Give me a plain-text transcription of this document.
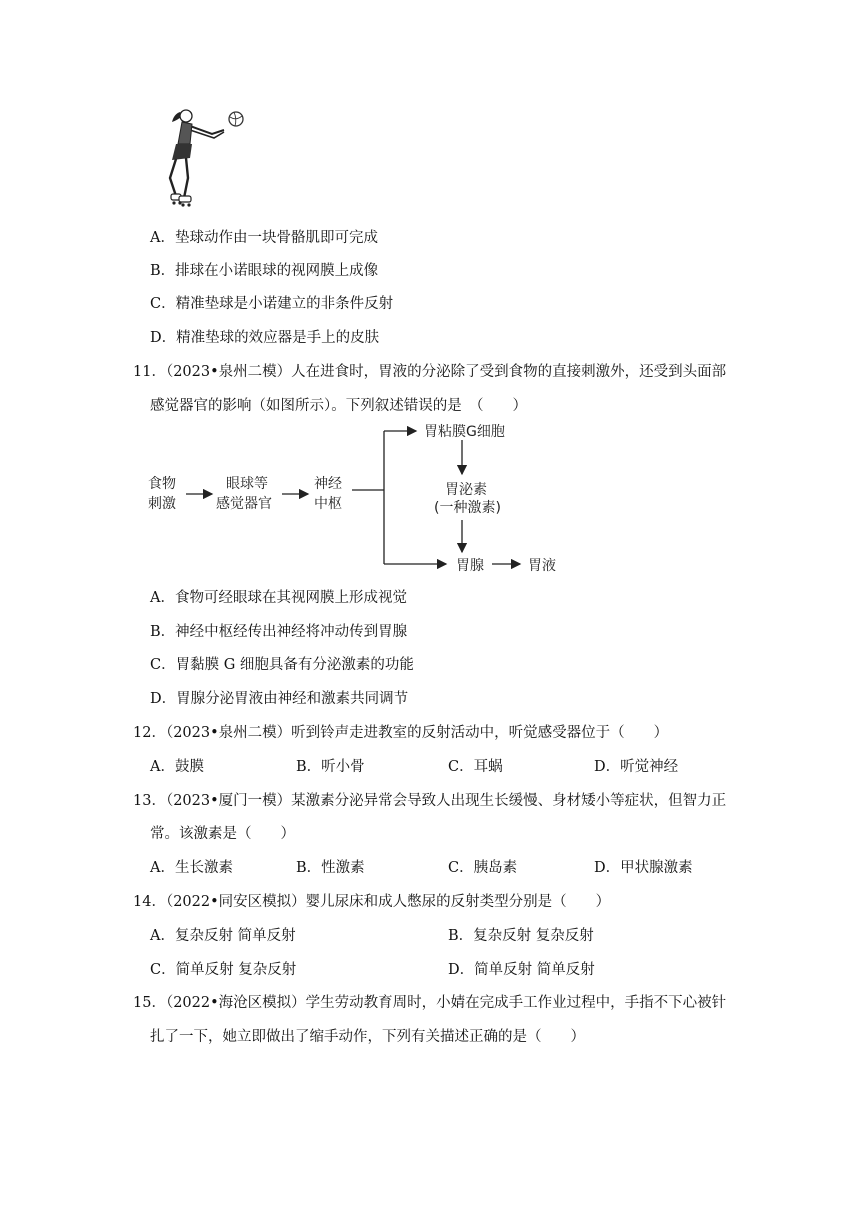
A．垫球动作由一块骨骼肌即可完成
B．排球在小诺眼球的视网膜上成像
C．精准垫球是小诺建立的非条件反射
D．精准垫球的效应器是手上的皮肤
11．（2023•泉州二模）人在进食时，胃液的分泌除了受到食物的直接刺激外，还受到头面部
感觉器官的影响（如图所示）。下列叙述错误的是　（　　）
食物
刺激
眼球等
感觉器官
神经
中枢
胃粘膜G细胞
胃泌素
(一种激素)
胃腺	胃液
A．食物可经眼球在其视网膜上形成视觉
B．神经中枢经传出神经将冲动传到胃腺
C．胃黏膜 G 细胞具备有分泌激素的功能
D．胃腺分泌胃液由神经和激素共同调节
12．（2023•泉州二模）听到铃声走进教室的反射活动中，听觉感受器位于（　　）
A．鼓膜	B．听小骨	C．耳蜗	D．听觉神经
13．（2023•厦门一模）某激素分泌异常会导致人出现生长缓慢、身材矮小等症状，但智力正
常。该激素是（　　）
A．生长激素	B．性激素	C．胰岛素	D．甲状腺激素
14．（2022•同安区模拟）婴儿尿床和成人憋尿的反射类型分别是（　　）
A．复杂反射 简单反射	B．复杂反射 复杂反射
C．简单反射 复杂反射	D．简单反射 简单反射
15．（2022•海沧区模拟）学生劳动教育周时，小婧在完成手工作业过程中，手指不下心被针
扎了一下，她立即做出了缩手动作，下列有关描述正确的是（　　）
